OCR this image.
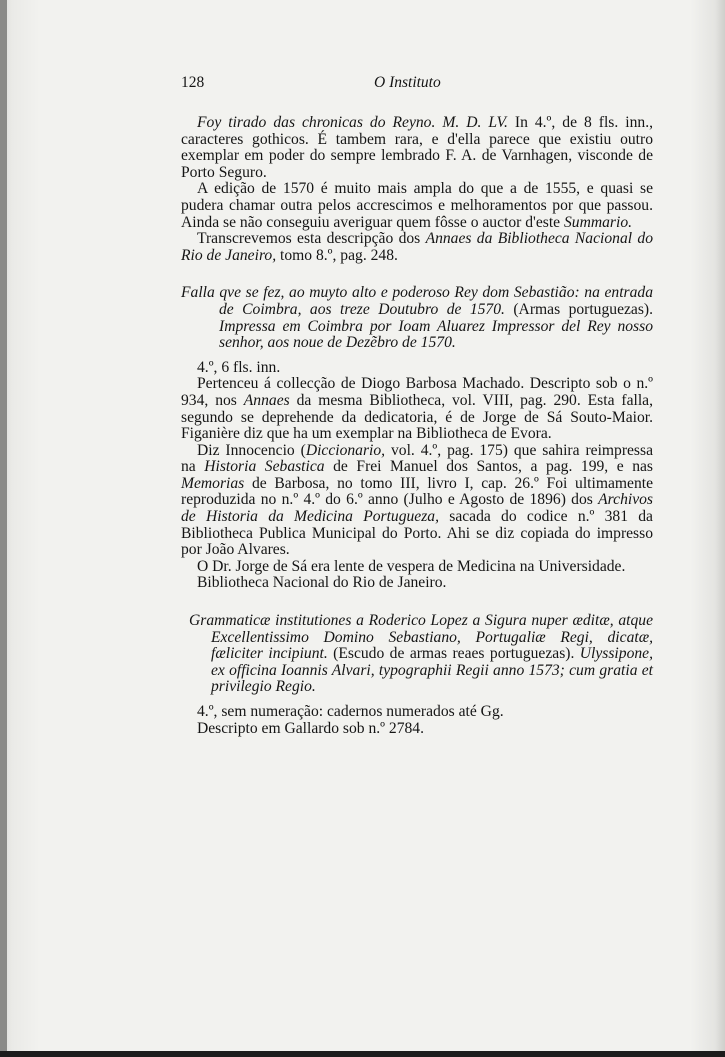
128	O Instituto

Foy tirado das chronicas do Reyno. M. D. LV. In 4.º, de 8 fls. inn., caracteres gothicos. É tambem rara, e d'ella parece que existiu outro exemplar em poder do sempre lembrado F. A. de Varnhagen, visconde de Porto Seguro.

A edição de 1570 é muito mais ampla do que a de 1555, e quasi se pudera chamar outra pelos accrescimos e melhoramentos por que passou. Ainda se não conseguiu averiguar quem fôsse o auctor d'este Summario.

Transcrevemos esta descripção dos Annaes da Bibliotheca Nacional do Rio de Janeiro, tomo 8.º, pag. 248.

Falla qve se fez, ao muyto alto e poderoso Rey dom Sebastião: na entrada de Coimbra, aos treze Doutubro de 1570. (Armas portuguezas). Impressa em Coimbra por Ioam Aluarez Impressor del Rey nosso senhor, aos noue de Dezẽbro de 1570.

4.º, 6 fls. inn.

Pertenceu á collecção de Diogo Barbosa Machado. Descripto sob o n.º 934, nos Annaes da mesma Bibliotheca, vol. VIII, pag. 290. Esta falla, segundo se deprehende da dedicatoria, é de Jorge de Sá Souto-Maior. Figanière diz que ha um exemplar na Bibliotheca de Evora.

Diz Innocencio (Diccionario, vol. 4.º, pag. 175) que sahira reimpressa na Historia Sebastica de Frei Manuel dos Santos, a pag. 199, e nas Memorias de Barbosa, no tomo III, livro I, cap. 26.º Foi ultimamente reproduzida no n.º 4.º do 6.º anno (Julho e Agosto de 1896) dos Archivos de Historia da Medicina Portugueza, sacada do codice n.º 381 da Bibliotheca Publica Municipal do Porto. Ahi se diz copiada do impresso por João Alvares.

O Dr. Jorge de Sá era lente de vespera de Medicina na Universidade.

Bibliotheca Nacional do Rio de Janeiro.

Grammaticæ institutiones a Roderico Lopez a Sigura nuper æditæ, atque Excellentissimo Domino Sebastiano, Portugaliæ Regi, dicatæ, fæliciter incipiunt. (Escudo de armas reaes portuguezas). Ulyssipone, ex officina Ioannis Alvari, typographii Regii anno 1573; cum gratia et privilegio Regio.

4.º, sem numeração: cadernos numerados até Gg.

Descripto em Gallardo sob n.º 2784.
